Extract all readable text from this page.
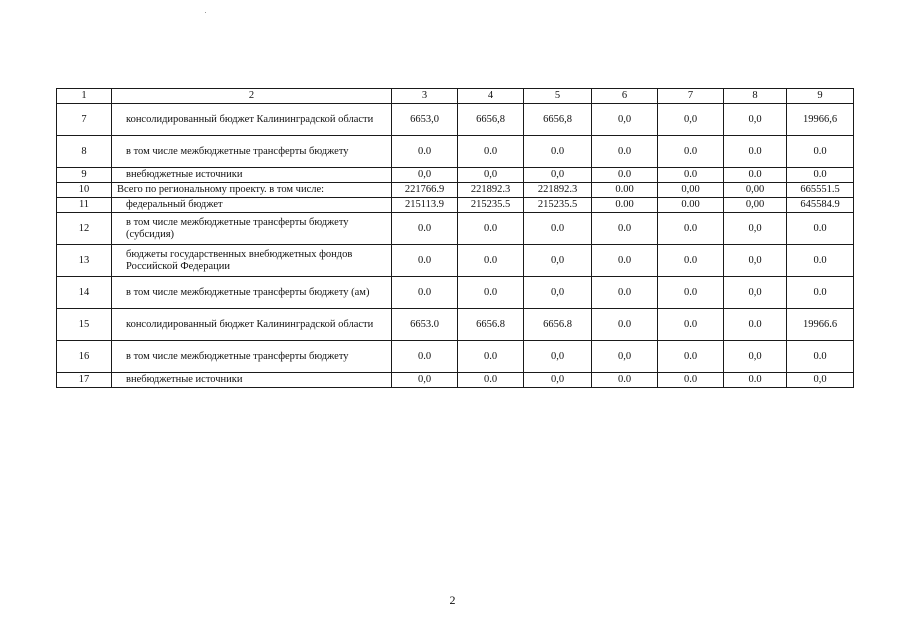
1	2	3	4	5	6	7	8	9
7	консолидированный бюджет Калининградской области	6653,0	6656,8	6656,8	0,0	0,0	0,0	19966,6
8	в том числе межбюджетные трансферты бюджету	0.0	0.0	0.0	0.0	0.0	0.0	0.0
9	внебюджетные источники	0,0	0,0	0,0	0.0	0.0	0.0	0.0
10	Всего по региональному проекту. в том числе:	221766.9	221892.3	221892.3	0.00	0,00	0,00	665551.5
11	федеральный бюджет	215113.9	215235.5	215235.5	0.00	0.00	0,00	645584.9
12	в том числе межбюджетные трансферты бюджету (субсидия)	0.0	0.0	0.0	0.0	0.0	0,0	0.0
13	бюджеты государственных внебюджетных фондов Российской Федерации	0.0	0.0	0,0	0.0	0.0	0,0	0.0
14	в том числе межбюджетные трансферты бюджету (ам)	0.0	0.0	0,0	0.0	0.0	0,0	0.0
15	консолидированный бюджет Калининградской области	6653.0	6656.8	6656.8	0.0	0.0	0.0	19966.6
16	в том числе межбюджетные трансферты бюджету	0.0	0.0	0,0	0,0	0.0	0,0	0.0
17	внебюджетные источники	0,0	0.0	0,0	0.0	0.0	0.0	0,0
2
